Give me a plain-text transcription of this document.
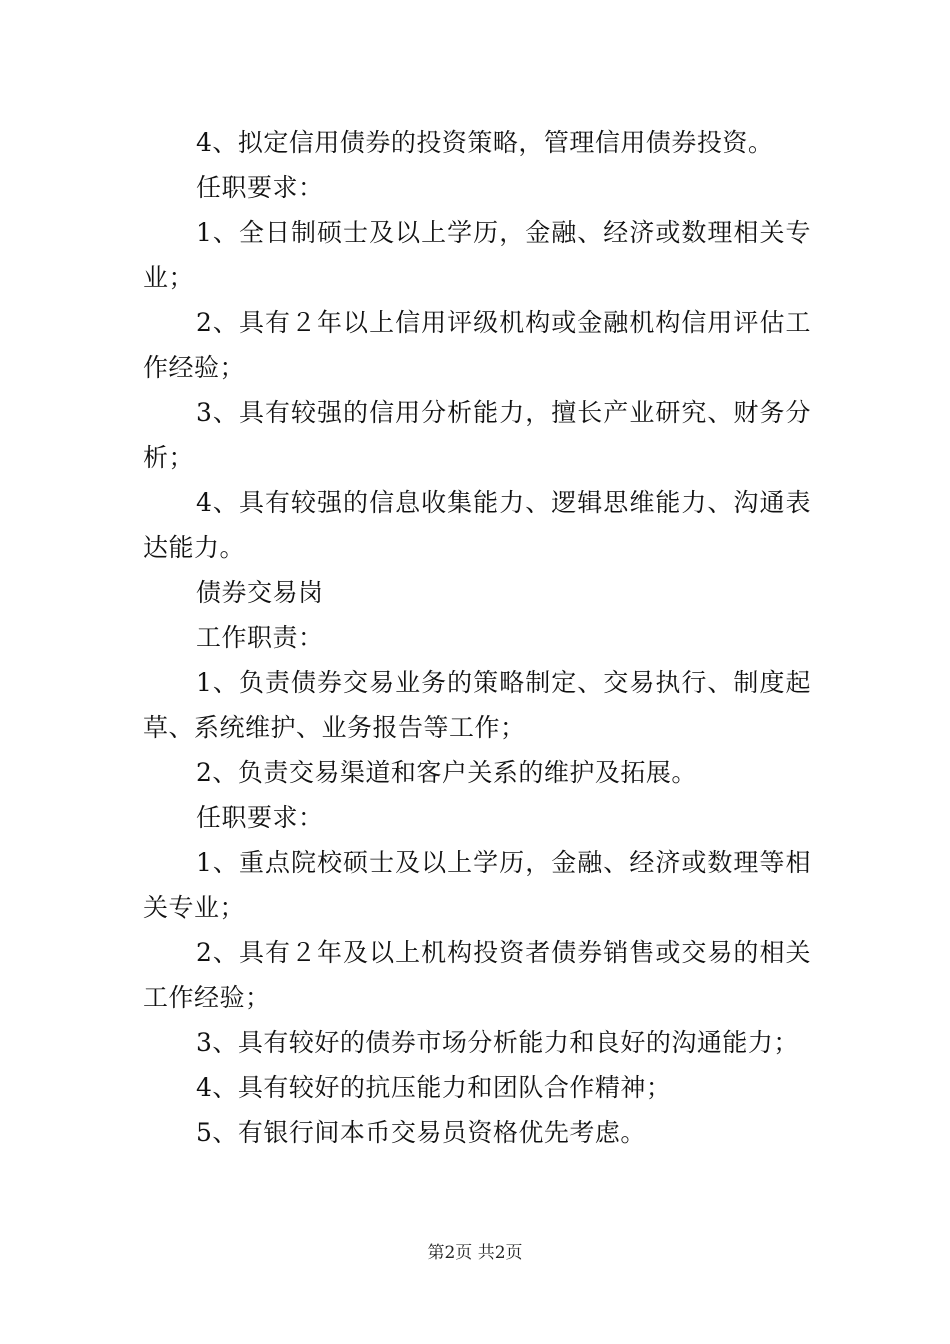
4、拟定信用债券的投资策略，管理信用债券投资。
任职要求：
1、全日制硕士及以上学历，金融、经济或数理相关专
业；
2、具有２年以上信用评级机构或金融机构信用评估工
作经验；
3、具有较强的信用分析能力，擅长产业研究、财务分
析；
4、具有较强的信息收集能力、逻辑思维能力、沟通表
达能力。
债券交易岗
工作职责：
1、负责债券交易业务的策略制定、交易执行、制度起
草、系统维护、业务报告等工作；
2、负责交易渠道和客户关系的维护及拓展。
任职要求：
1、重点院校硕士及以上学历，金融、经济或数理等相
关专业；
2、具有２年及以上机构投资者债券销售或交易的相关
工作经验；
3、具有较好的债券市场分析能力和良好的沟通能力；
4、具有较好的抗压能力和团队合作精神；
5、有银行间本币交易员资格优先考虑。
第2页 共2页
